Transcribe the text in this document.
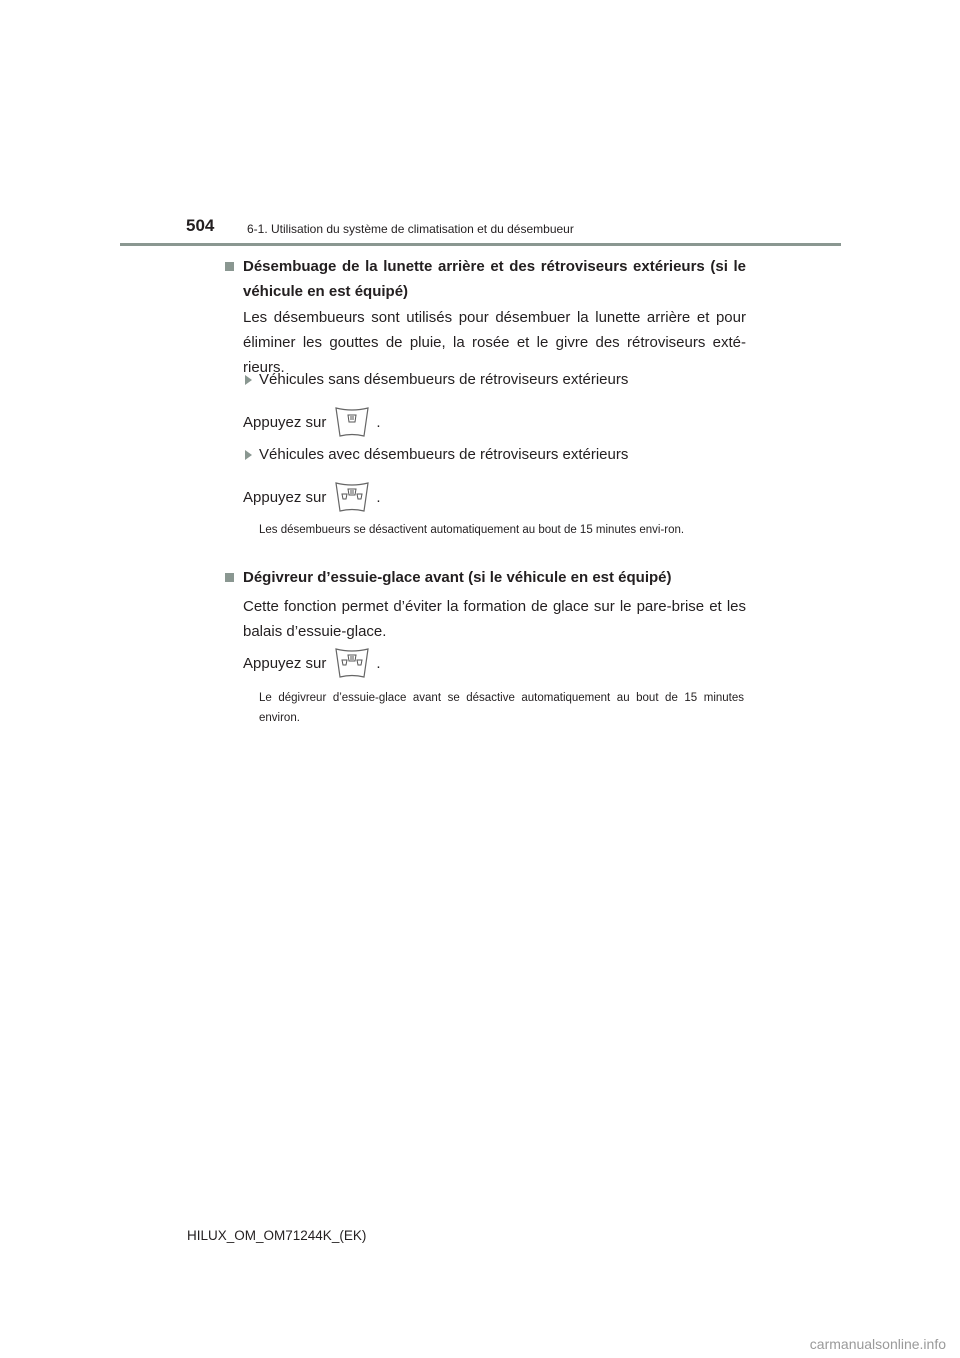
504	6-1. Utilisation du système de climatisation et du désembueur
Désembuage de la lunette arrière et des rétroviseurs extérieurs (si le véhicule en est équipé)
Les désembueurs sont utilisés pour désembuer la lunette arrière et pour éliminer les gouttes de pluie, la rosée et le givre des rétroviseurs exté-rieurs.
Véhicules sans désembueurs de rétroviseurs extérieurs
Appuyez sur	.
Véhicules avec désembueurs de rétroviseurs extérieurs
Appuyez sur	.
Les désembueurs se désactivent automatiquement au bout de 15 minutes envi-ron.
Dégivreur d’essuie-glace avant (si le véhicule en est équipé)
Cette fonction permet d’éviter la formation de glace sur le pare-brise et les balais d’essuie-glace.
Appuyez sur	.
Le dégivreur d’essuie-glace avant se désactive automatiquement au bout de 15 minutes environ.
HILUX_OM_OM71244K_(EK)
carmanualsonline.info
